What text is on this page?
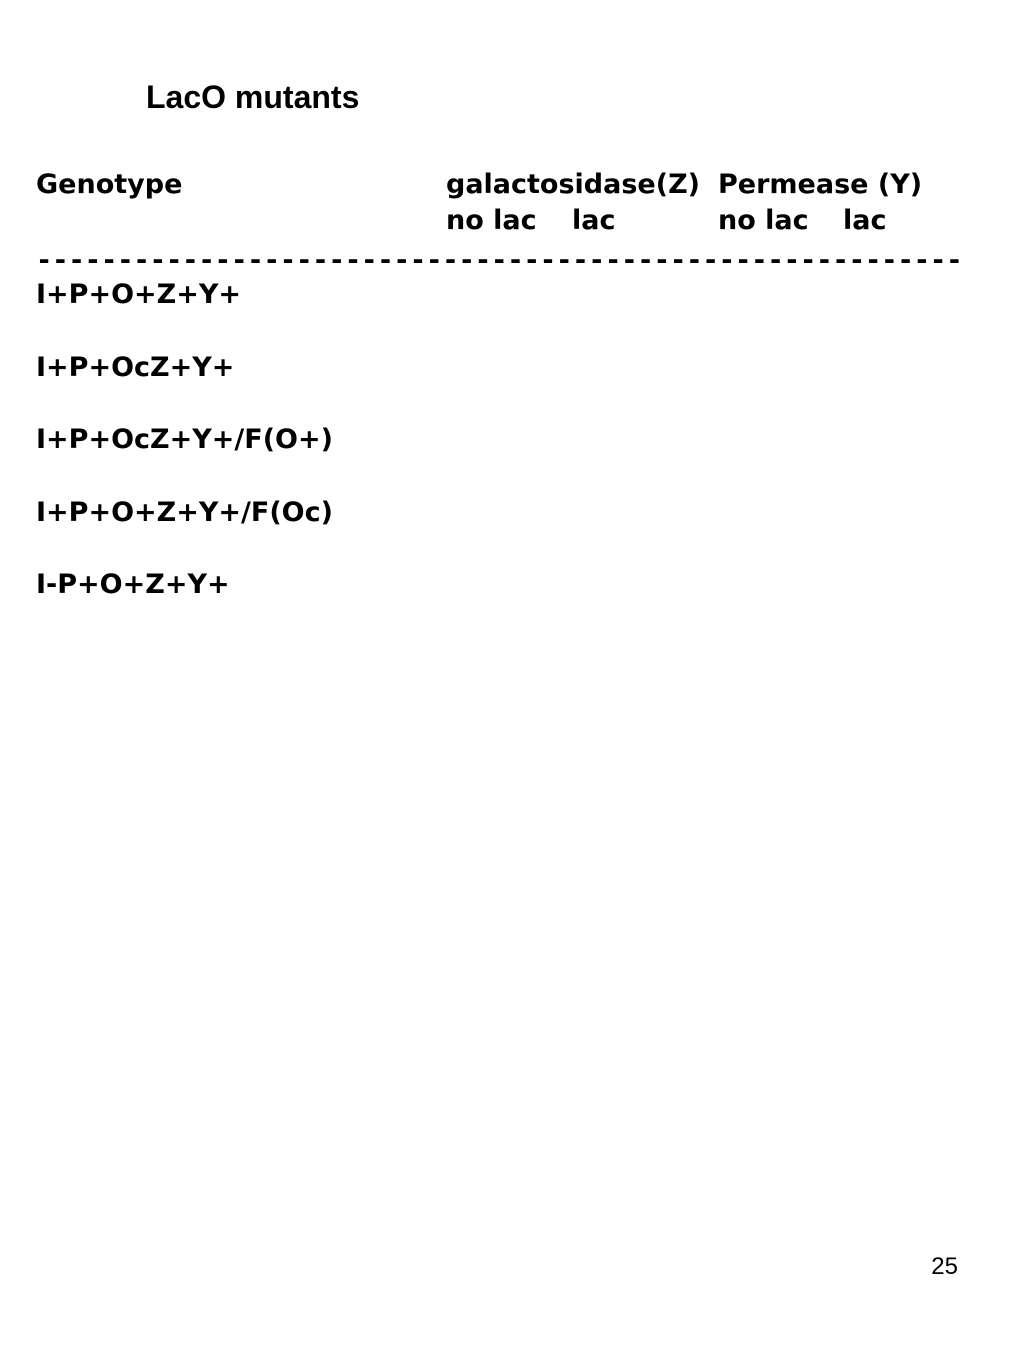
LacO mutants
Genotype	galactosidase(Z) Permease (Y)
no lac lac	no lac lac
---------------------------------------------------------
I+P+O+Z+Y+
I+P+OcZ+Y+
I+P+OcZ+Y+/F(O+)
I+P+O+Z+Y+/F(Oc)
I-P+O+Z+Y+
25
